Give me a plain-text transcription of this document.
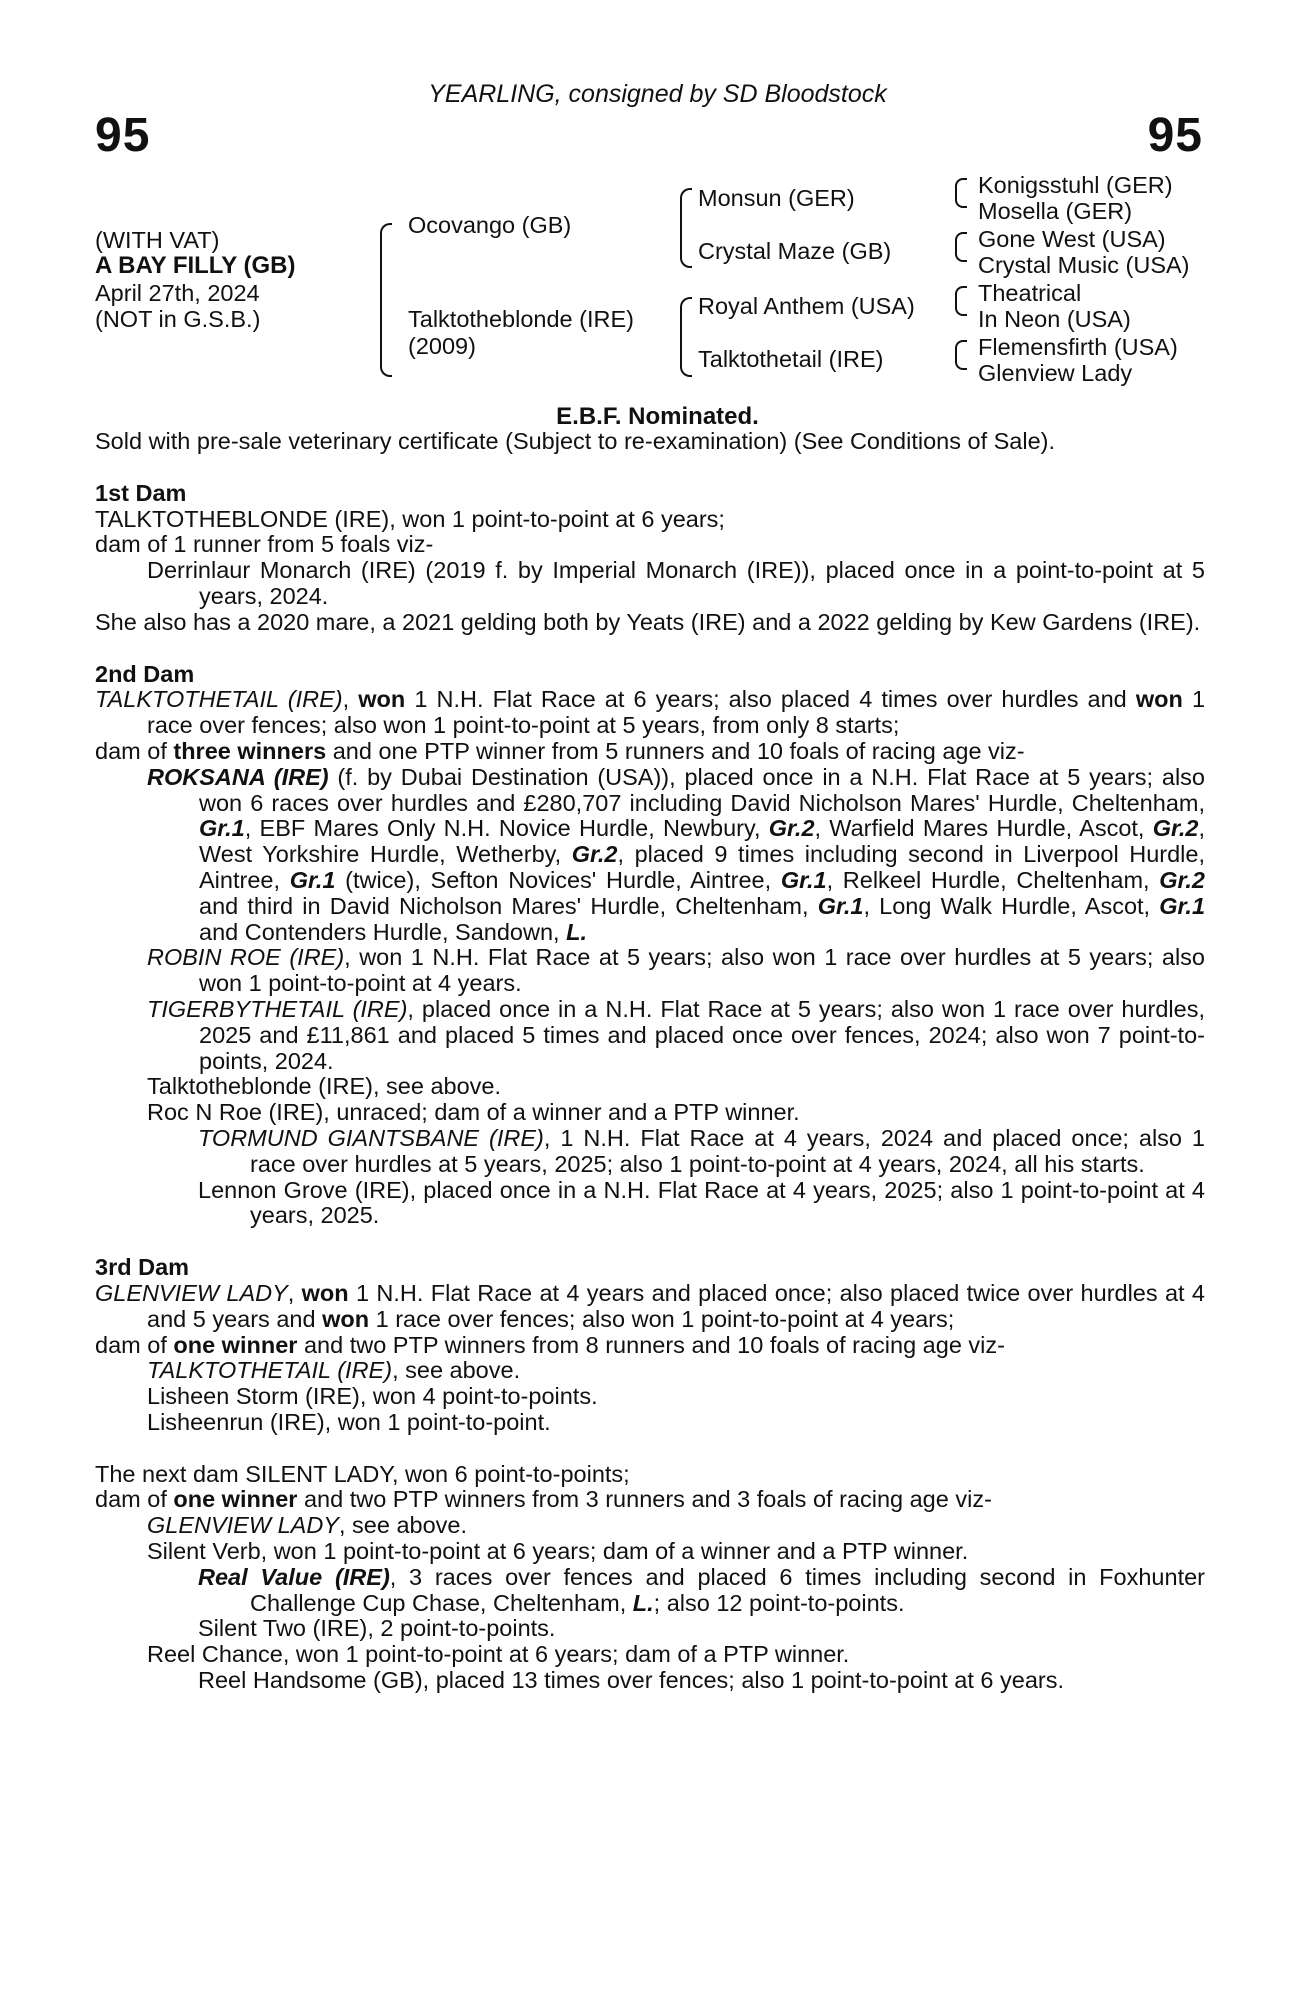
YEARLING, consigned by SD Bloodstock
95	95
(WITH VAT)
A BAY FILLY (GB)
April 27th, 2024
(NOT in G.S.B.)
Ocovango (GB)
Talktotheblonde (IRE)
(2009)
Monsun (GER)
Crystal Maze (GB)
Royal Anthem (USA)
Talktothetail (IRE)
Konigsstuhl (GER)
Mosella (GER)
Gone West (USA)
Crystal Music (USA)
Theatrical
In Neon (USA)
Flemensfirth (USA)
Glenview Lady
E.B.F. Nominated.

Sold with pre-sale veterinary certificate (Subject to re-examination) (See Conditions of Sale).

1st Dam

TALKTOTHEBLONDE (IRE), won 1 point-to-point at 6 years;

dam of 1 runner from 5 foals viz-

Derrinlaur Monarch (IRE) (2019 f. by Imperial Monarch (IRE)), placed once in a point-to-point at 5 years, 2024.

She also has a 2020 mare, a 2021 gelding both by Yeats (IRE) and a 2022 gelding by Kew Gardens (IRE).

2nd Dam

TALKTOTHETAIL (IRE), won 1 N.H. Flat Race at 6 years; also placed 4 times over hurdles and won 1 race over fences; also won 1 point-to-point at 5 years, from only 8 starts;

dam of three winners and one PTP winner from 5 runners and 10 foals of racing age viz-

ROKSANA (IRE) (f. by Dubai Destination (USA)), placed once in a N.H. Flat Race at 5 years; also won 6 races over hurdles and £280,707 including David Nicholson Mares' Hurdle, Cheltenham, Gr.1, EBF Mares Only N.H. Novice Hurdle, Newbury, Gr.2, Warfield Mares Hurdle, Ascot, Gr.2, West Yorkshire Hurdle, Wetherby, Gr.2, placed 9 times including second in Liverpool Hurdle, Aintree, Gr.1 (twice), Sefton Novices' Hurdle, Aintree, Gr.1, Relkeel Hurdle, Cheltenham, Gr.2 and third in David Nicholson Mares' Hurdle, Cheltenham, Gr.1, Long Walk Hurdle, Ascot, Gr.1 and Contenders Hurdle, Sandown, L.

ROBIN ROE (IRE), won 1 N.H. Flat Race at 5 years; also won 1 race over hurdles at 5 years; also won 1 point-to-point at 4 years.

TIGERBYTHETAIL (IRE), placed once in a N.H. Flat Race at 5 years; also won 1 race over hurdles, 2025 and £11,861 and placed 5 times and placed once over fences, 2024; also won 7 point-to-points, 2024.

Talktotheblonde (IRE), see above.

Roc N Roe (IRE), unraced; dam of a winner and a PTP winner.

TORMUND GIANTSBANE (IRE), 1 N.H. Flat Race at 4 years, 2024 and placed once; also 1 race over hurdles at 5 years, 2025; also 1 point-to-point at 4 years, 2024, all his starts.

Lennon Grove (IRE), placed once in a N.H. Flat Race at 4 years, 2025; also 1 point-to-point at 4 years, 2025.

3rd Dam

GLENVIEW LADY, won 1 N.H. Flat Race at 4 years and placed once; also placed twice over hurdles at 4 and 5 years and won 1 race over fences; also won 1 point-to-point at 4 years;

dam of one winner and two PTP winners from 8 runners and 10 foals of racing age viz-

TALKTOTHETAIL (IRE), see above.

Lisheen Storm (IRE), won 4 point-to-points.

Lisheenrun (IRE), won 1 point-to-point.

The next dam SILENT LADY, won 6 point-to-points;

dam of one winner and two PTP winners from 3 runners and 3 foals of racing age viz-

GLENVIEW LADY, see above.

Silent Verb, won 1 point-to-point at 6 years; dam of a winner and a PTP winner.

Real Value (IRE), 3 races over fences and placed 6 times including second in Foxhunter Challenge Cup Chase, Cheltenham, L.; also 12 point-to-points.

Silent Two (IRE), 2 point-to-points.

Reel Chance, won 1 point-to-point at 6 years; dam of a PTP winner.

Reel Handsome (GB), placed 13 times over fences; also 1 point-to-point at 6 years.
